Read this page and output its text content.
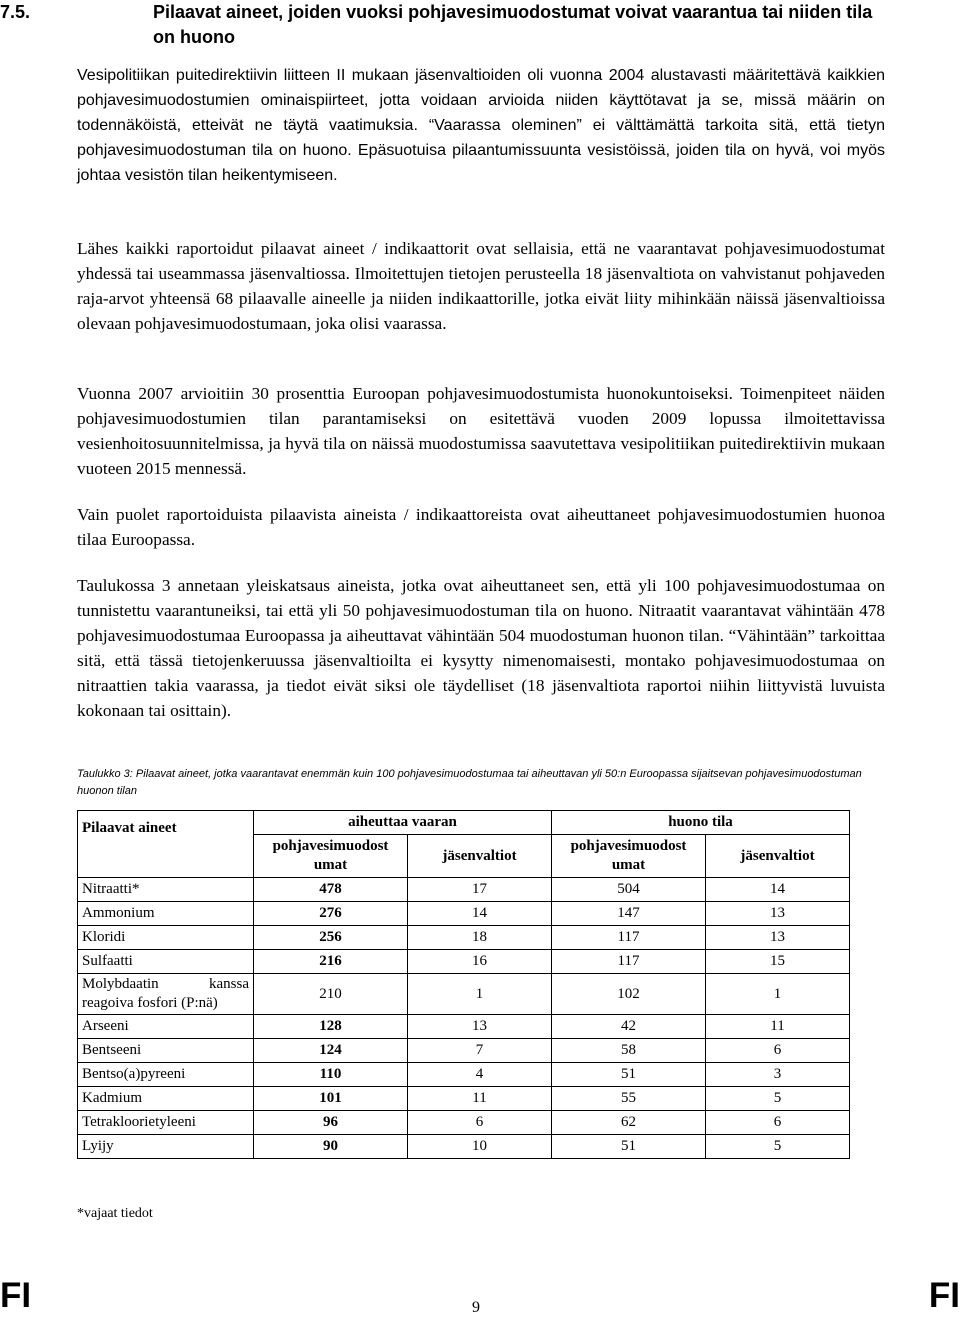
7.5.	Pilaavat aineet, joiden vuoksi pohjavesimuodostumat voivat vaarantua tai niiden tila on huono

Vesipolitiikan puitedirektiivin liitteen II mukaan jäsenvaltioiden oli vuonna 2004 alustavasti määritettävä kaikkien pohjavesimuodostumien ominaispiirteet, jotta voidaan arvioida niiden käyttötavat ja se, missä määrin on todennäköistä, etteivät ne täytä vaatimuksia. “Vaarassa oleminen” ei välttämättä tarkoita sitä, että tietyn pohjavesimuodostuman tila on huono. Epäsuotuisa pilaantumissuunta vesistöissä, joiden tila on hyvä, voi myös johtaa vesistön tilan heikentymiseen.

Lähes kaikki raportoidut pilaavat aineet / indikaattorit ovat sellaisia, että ne vaarantavat pohjavesimuodostumat yhdessä tai useammassa jäsenvaltiossa. Ilmoitettujen tietojen perusteella 18 jäsenvaltiota on vahvistanut pohjaveden raja-arvot yhteensä 68 pilaavalle aineelle ja niiden indikaattorille, jotka eivät liity mihinkään näissä jäsenvaltioissa olevaan pohjavesimuodostumaan, joka olisi vaarassa.

Vuonna 2007 arvioitiin 30 prosenttia Euroopan pohjavesimuodostumista huonokuntoiseksi. Toimenpiteet näiden pohjavesimuodostumien tilan parantamiseksi on esitettävä vuoden 2009 lopussa ilmoitettavissa vesienhoitosuunnitelmissa, ja hyvä tila on näissä muodostumissa saavutettava vesipolitiikan puitedirektiivin mukaan vuoteen 2015 mennessä.

Vain puolet raportoiduista pilaavista aineista / indikaattoreista ovat aiheuttaneet pohjavesimuodostumien huonoa tilaa Euroopassa.

Taulukossa 3 annetaan yleiskatsaus aineista, jotka ovat aiheuttaneet sen, että yli 100 pohjavesimuodostumaa on tunnistettu vaarantuneiksi, tai että yli 50 pohjavesimuodostuman tila on huono. Nitraatit vaarantavat vähintään 478 pohjavesimuodostumaa Euroopassa ja aiheuttavat vähintään 504 muodostuman huonon tilan. “Vähintään” tarkoittaa sitä, että tässä tietojenkeruussa jäsenvaltioilta ei kysytty nimenomaisesti, montako pohjavesimuodostumaa on nitraattien takia vaarassa, ja tiedot eivät siksi ole täydelliset (18 jäsenvaltiota raportoi niihin liittyvistä luvuista kokonaan tai osittain).

Taulukko 3: Pilaavat aineet, jotka vaarantavat enemmän kuin 100 pohjavesimuodostumaa tai aiheuttavan yli 50:n Euroopassa sijaitsevan pohjavesimuodostuman huonon tilan
Pilaavat aineet	aiheuttaa vaaran		huono tila	
	pohjavesimuodost
umat	jäsenvaltiot	pohjavesimuodost
umat	jäsenvaltiot
Nitraatti*	478	17	504	14
Ammonium	276	14	147	13
Kloridi	256	18	117	13
Sulfaatti	216	16	117	15
Molybdaatin kanssa reagoiva fosfori (P:nä)	210	1	102	1
Arseeni	128	13	42	11
Bentseeni	124	7	58	6
Bentso(a)pyreeni	110	4	51	3
Kadmium	101	11	55	5
Tetrakloorietyleeni	96	6	62	6
Lyijy	90	10	51	5
*vajaat tiedot
FI	9	FI
